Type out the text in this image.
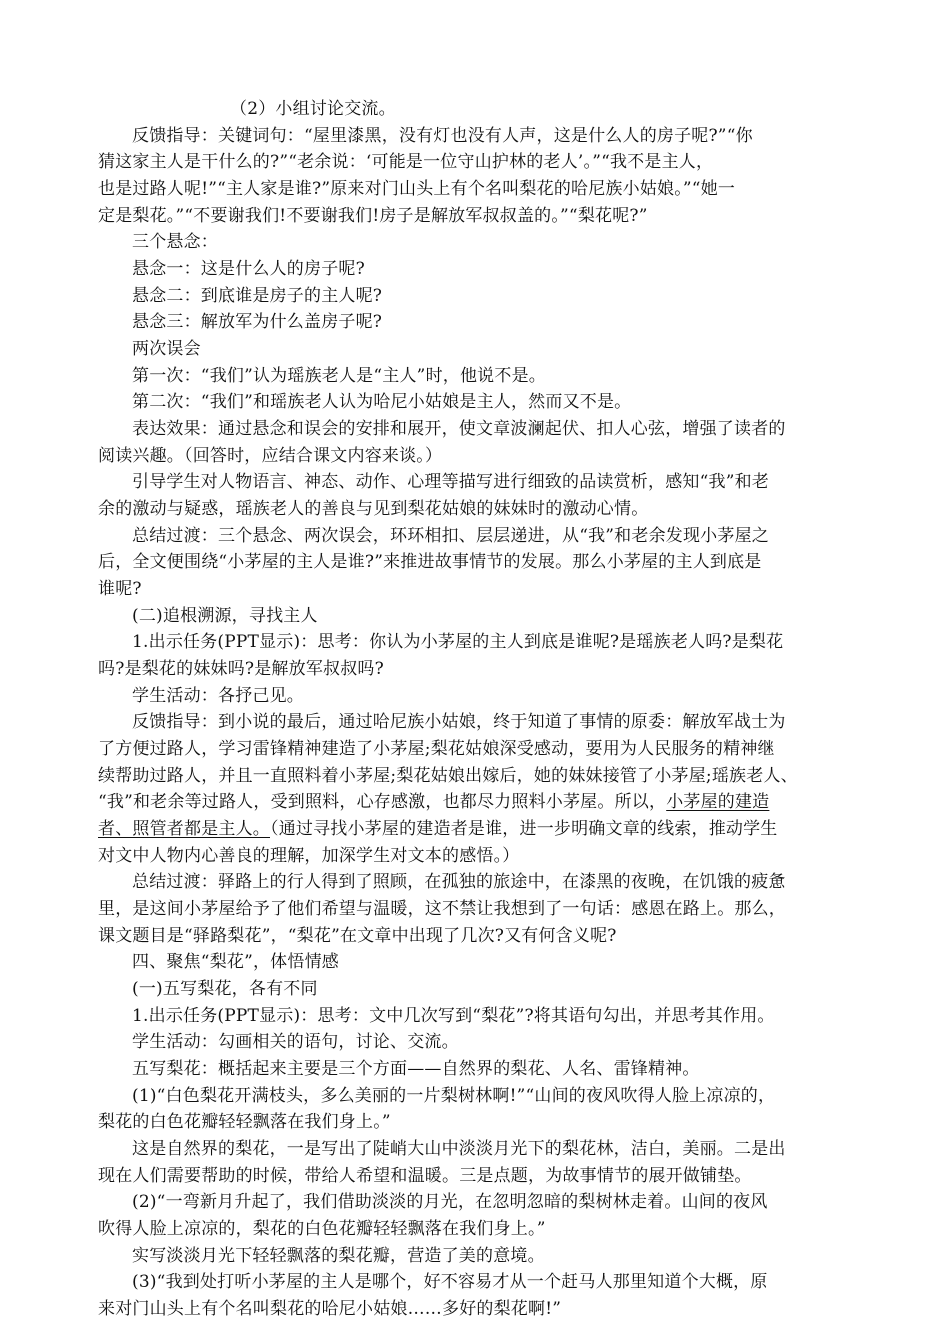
（2）小组讨论交流。
反馈指导：关键词句：“屋里漆黑，没有灯也没有人声，这是什么人的房子呢?”“你
猜这家主人是干什么的?”“老余说：‘可能是一位守山护林的老人’。”“我不是主人，
也是过路人呢!”“主人家是谁?”原来对门山头上有个名叫梨花的哈尼族小姑娘。”“她一
定是梨花。”“不要谢我们!不要谢我们!房子是解放军叔叔盖的。”“梨花呢?”
三个悬念：
悬念一：这是什么人的房子呢?
悬念二：到底谁是房子的主人呢?
悬念三：解放军为什么盖房子呢?
两次误会
第一次：“我们”认为瑶族老人是“主人”时，他说不是。
第二次：“我们”和瑶族老人认为哈尼小姑娘是主人，然而又不是。
表达效果：通过悬念和误会的安排和展开，使文章波澜起伏、扣人心弦，增强了读者的
阅读兴趣。（回答时，应结合课文内容来谈。）
引导学生对人物语言、神态、动作、心理等描写进行细致的品读赏析，感知“我”和老
余的激动与疑惑，瑶族老人的善良与见到梨花姑娘的妹妹时的激动心情。
总结过渡：三个悬念、两次误会，环环相扣、层层递进，从“我”和老余发现小茅屋之
后，全文便围绕“小茅屋的主人是谁?”来推进故事情节的发展。那么小茅屋的主人到底是
谁呢?
(二)追根溯源，寻找主人
1.出示任务(PPT显示)：思考：你认为小茅屋的主人到底是谁呢?是瑶族老人吗?是梨花
吗?是梨花的妹妹吗?是解放军叔叔吗?
学生活动：各抒己见。
反馈指导：到小说的最后，通过哈尼族小姑娘，终于知道了事情的原委：解放军战士为
了方便过路人，学习雷锋精神建造了小茅屋;梨花姑娘深受感动，要用为人民服务的精神继
续帮助过路人，并且一直照料着小茅屋;梨花姑娘出嫁后，她的妹妹接管了小茅屋;瑶族老人、
“我”和老余等过路人，受到照料，心存感激，也都尽力照料小茅屋。所以，小茅屋的建造
者、照管者都是主人。（通过寻找小茅屋的建造者是谁，进一步明确文章的线索，推动学生
对文中人物内心善良的理解，加深学生对文本的感悟。）
总结过渡：驿路上的行人得到了照顾，在孤独的旅途中，在漆黑的夜晚，在饥饿的疲惫
里，是这间小茅屋给予了他们希望与温暖，这不禁让我想到了一句话：感恩在路上。那么，
课文题目是“驿路梨花”，“梨花”在文章中出现了几次?又有何含义呢?
四、聚焦“梨花”，体悟情感
(一)五写梨花，各有不同
1.出示任务(PPT显示)：思考：文中几次写到“梨花”?将其语句勾出，并思考其作用。
学生活动：勾画相关的语句，讨论、交流。
五写梨花：概括起来主要是三个方面——自然界的梨花、人名、雷锋精神。
(1)“白色梨花开满枝头，多么美丽的一片梨树林啊!”“山间的夜风吹得人脸上凉凉的，
梨花的白色花瓣轻轻飘落在我们身上。”
这是自然界的梨花，一是写出了陡峭大山中淡淡月光下的梨花林，洁白，美丽。二是出
现在人们需要帮助的时候，带给人希望和温暖。三是点题，为故事情节的展开做铺垫。
(2)“一弯新月升起了，我们借助淡淡的月光，在忽明忽暗的梨树林走着。山间的夜风
吹得人脸上凉凉的，梨花的白色花瓣轻轻飘落在我们身上。”
实写淡淡月光下轻轻飘落的梨花瓣，营造了美的意境。
(3)“我到处打听小茅屋的主人是哪个，好不容易才从一个赶马人那里知道个大概，原
来对门山头上有个名叫梨花的哈尼小姑娘……多好的梨花啊!”
